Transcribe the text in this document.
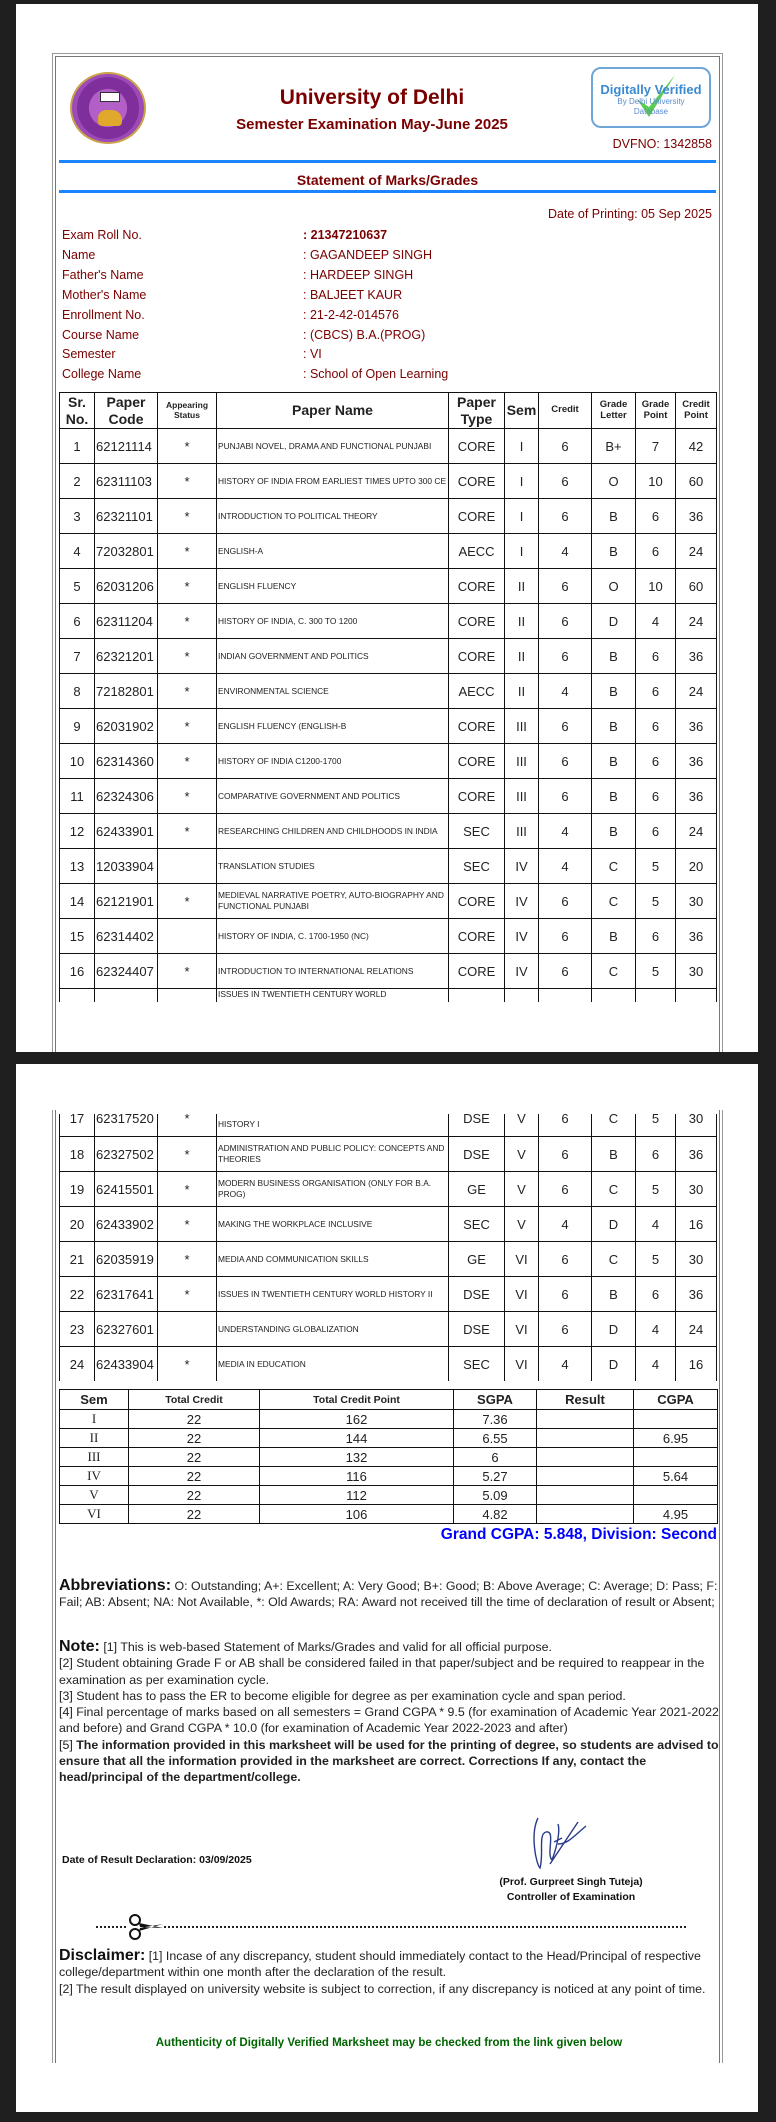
University of Delhi
Semester Examination May-June 2025
Digitally Verified
By Delhi University
Database
DVFNO: 1342858
Statement of Marks/Grades
Date of Printing: 05 Sep 2025
Exam Roll No.	: 21347210637
Name	: GAGANDEEP SINGH
Father's Name	: HARDEEP SINGH
Mother's Name	: BALJEET KAUR
Enrollment No.	: 21-2-42-014576
Course Name	: (CBCS) B.A.(PROG)
Semester	: VI
College Name	: School of Open Learning
Sr. No.	Paper Code	Appearing Status	Paper Name	Paper Type	Sem	Credit	Grade Letter	Grade Point	Credit Point
1	62121114	*	PUNJABI NOVEL, DRAMA AND FUNCTIONAL PUNJABI	CORE	I	6	B+	7	42
2	62311103	*	HISTORY OF INDIA FROM EARLIEST TIMES UPTO 300 CE	CORE	I	6	O	10	60
3	62321101	*	INTRODUCTION TO POLITICAL THEORY	CORE	I	6	B	6	36
4	72032801	*	ENGLISH-A	AECC	I	4	B	6	24
5	62031206	*	ENGLISH FLUENCY	CORE	II	6	O	10	60
6	62311204	*	HISTORY OF INDIA, C. 300 TO 1200	CORE	II	6	D	4	24
7	62321201	*	INDIAN GOVERNMENT AND POLITICS	CORE	II	6	B	6	36
8	72182801	*	ENVIRONMENTAL SCIENCE	AECC	II	4	B	6	24
9	62031902	*	ENGLISH FLUENCY (ENGLISH-B	CORE	III	6	B	6	36
10	62314360	*	HISTORY OF INDIA C1200-1700	CORE	III	6	B	6	36
11	62324306	*	COMPARATIVE GOVERNMENT AND POLITICS	CORE	III	6	B	6	36
12	62433901	*	RESEARCHING CHILDREN AND CHILDHOODS IN INDIA	SEC	III	4	B	6	24
13	12033904		TRANSLATION STUDIES	SEC	IV	4	C	5	20
14	62121901	*	MEDIEVAL NARRATIVE POETRY, AUTO-BIOGRAPHY AND FUNCTIONAL PUNJABI	CORE	IV	6	C	5	30
15	62314402		HISTORY OF INDIA, C. 1700-1950 (NC)	CORE	IV	6	B	6	36
16	62324407	*	INTRODUCTION TO INTERNATIONAL RELATIONS	CORE	IV	6	C	5	30
			ISSUES IN TWENTIETH CENTURY WORLD						
17	62317520	*	HISTORY I	DSE	V	6	C	5	30
18	62327502	*	ADMINISTRATION AND PUBLIC POLICY: CONCEPTS AND THEORIES	DSE	V	6	B	6	36
19	62415501	*	MODERN BUSINESS ORGANISATION (ONLY FOR B.A. PROG)	GE	V	6	C	5	30
20	62433902	*	MAKING THE WORKPLACE INCLUSIVE	SEC	V	4	D	4	16
21	62035919	*	MEDIA AND COMMUNICATION SKILLS	GE	VI	6	C	5	30
22	62317641	*	ISSUES IN TWENTIETH CENTURY WORLD HISTORY II	DSE	VI	6	B	6	36
23	62327601		UNDERSTANDING GLOBALIZATION	DSE	VI	6	D	4	24
24	62433904	*	MEDIA IN EDUCATION	SEC	VI	4	D	4	16
Sem	Total Credit	Total Credit Point	SGPA	Result	CGPA
I	22	162	7.36		
II	22	144	6.55		6.95
III	22	132	6		
IV	22	116	5.27		5.64
V	22	112	5.09		
VI	22	106	4.82		4.95
Grand CGPA: 5.848, Division: Second
Abbreviations: O: Outstanding; A+: Excellent; A: Very Good; B+: Good; B: Above Average; C: Average; D: Pass; F: Fail; AB: Absent; NA: Not Available, *: Old Awards; RA: Award not received till the time of declaration of result or Absent;
Note: [1] This is web-based Statement of Marks/Grades and valid for all official purpose.
[2] Student obtaining Grade F or AB shall be considered failed in that paper/subject and be required to reappear in the examination as per examination cycle.
[3] Student has to pass the ER to become eligible for degree as per examination cycle and span period.
[4] Final percentage of marks based on all semesters = Grand CGPA * 9.5 (for examination of Academic Year 2021-2022 and before) and Grand CGPA * 10.0 (for examination of Academic Year 2022-2023 and after)
[5] The information provided in this marksheet will be used for the printing of degree, so students are advised to ensure that all the information provided in the marksheet are correct. Corrections If any, contact the head/principal of the department/college.
Date of Result Declaration: 03/09/2025
(Prof. Gurpreet Singh Tuteja)
Controller of Examination
Disclaimer: [1] Incase of any discrepancy, student should immediately contact to the Head/Principal of respective college/department within one month after the declaration of the result.
[2] The result displayed on university website is subject to correction, if any discrepancy is noticed at any point of time.
Authenticity of Digitally Verified Marksheet may be checked from the link given below
